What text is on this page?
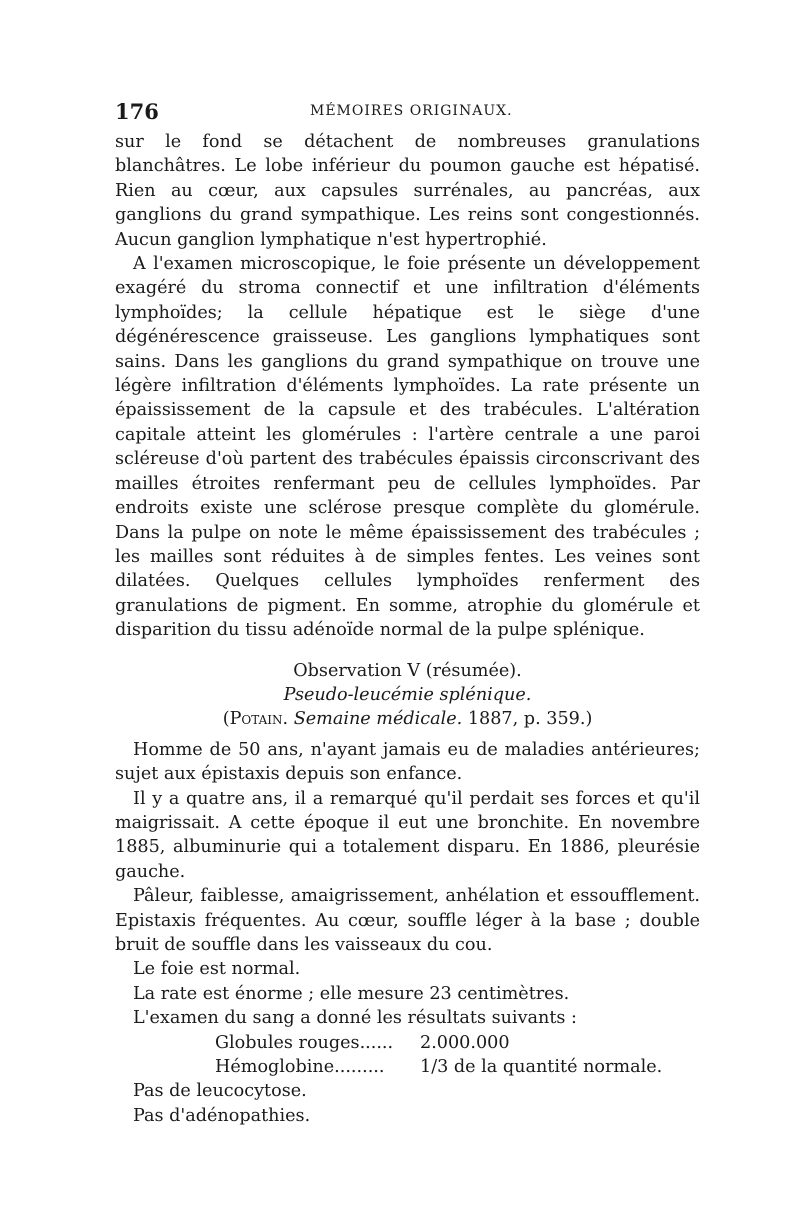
176	MÉMOIRES ORIGINAUX.

sur le fond se détachent de nombreuses granulations blanchâtres. Le lobe inférieur du poumon gauche est hépatisé. Rien au cœur, aux capsules surrénales, au pancréas, aux ganglions du grand sympathique. Les reins sont congestionnés. Aucun ganglion lymphatique n'est hypertrophié.

A l'examen microscopique, le foie présente un développement exagéré du stroma connectif et une infiltration d'éléments lymphoïdes; la cellule hépatique est le siège d'une dégénérescence graisseuse. Les ganglions lymphatiques sont sains. Dans les ganglions du grand sympathique on trouve une légère infiltration d'éléments lymphoïdes. La rate présente un épaississement de la capsule et des trabécules. L'altération capitale atteint les glomérules : l'artère centrale a une paroi scléreuse d'où partent des trabécules épaissis circonscrivant des mailles étroites renfermant peu de cellules lymphoïdes. Par endroits existe une sclérose presque complète du glomérule. Dans la pulpe on note le même épaississement des trabécules ; les mailles sont réduites à de simples fentes. Les veines sont dilatées. Quelques cellules lymphoïdes renferment des granulations de pigment. En somme, atrophie du glomérule et disparition du tissu adénoïde normal de la pulpe splénique.

Observation V (résumée).

Pseudo-leucémie splénique.

(Potain. Semaine médicale. 1887, p. 359.)

Homme de 50 ans, n'ayant jamais eu de maladies antérieures; sujet aux épistaxis depuis son enfance.

Il y a quatre ans, il a remarqué qu'il perdait ses forces et qu'il maigrissait. A cette époque il eut une bronchite. En novembre 1885, albuminurie qui a totalement disparu. En 1886, pleurésie gauche.

Pâleur, faiblesse, amaigrissement, anhélation et essoufflement. Epistaxis fréquentes. Au cœur, souffle léger à la base ; double bruit de souffle dans les vaisseaux du cou.

Le foie est normal.

La rate est énorme ; elle mesure 23 centimètres.

L'examen du sang a donné les résultats suivants :

Globules rouges......	2.000.000
Hémoglobine.........	1/3 de la quantité normale.

Pas de leucocytose.

Pas d'adénopathies.
